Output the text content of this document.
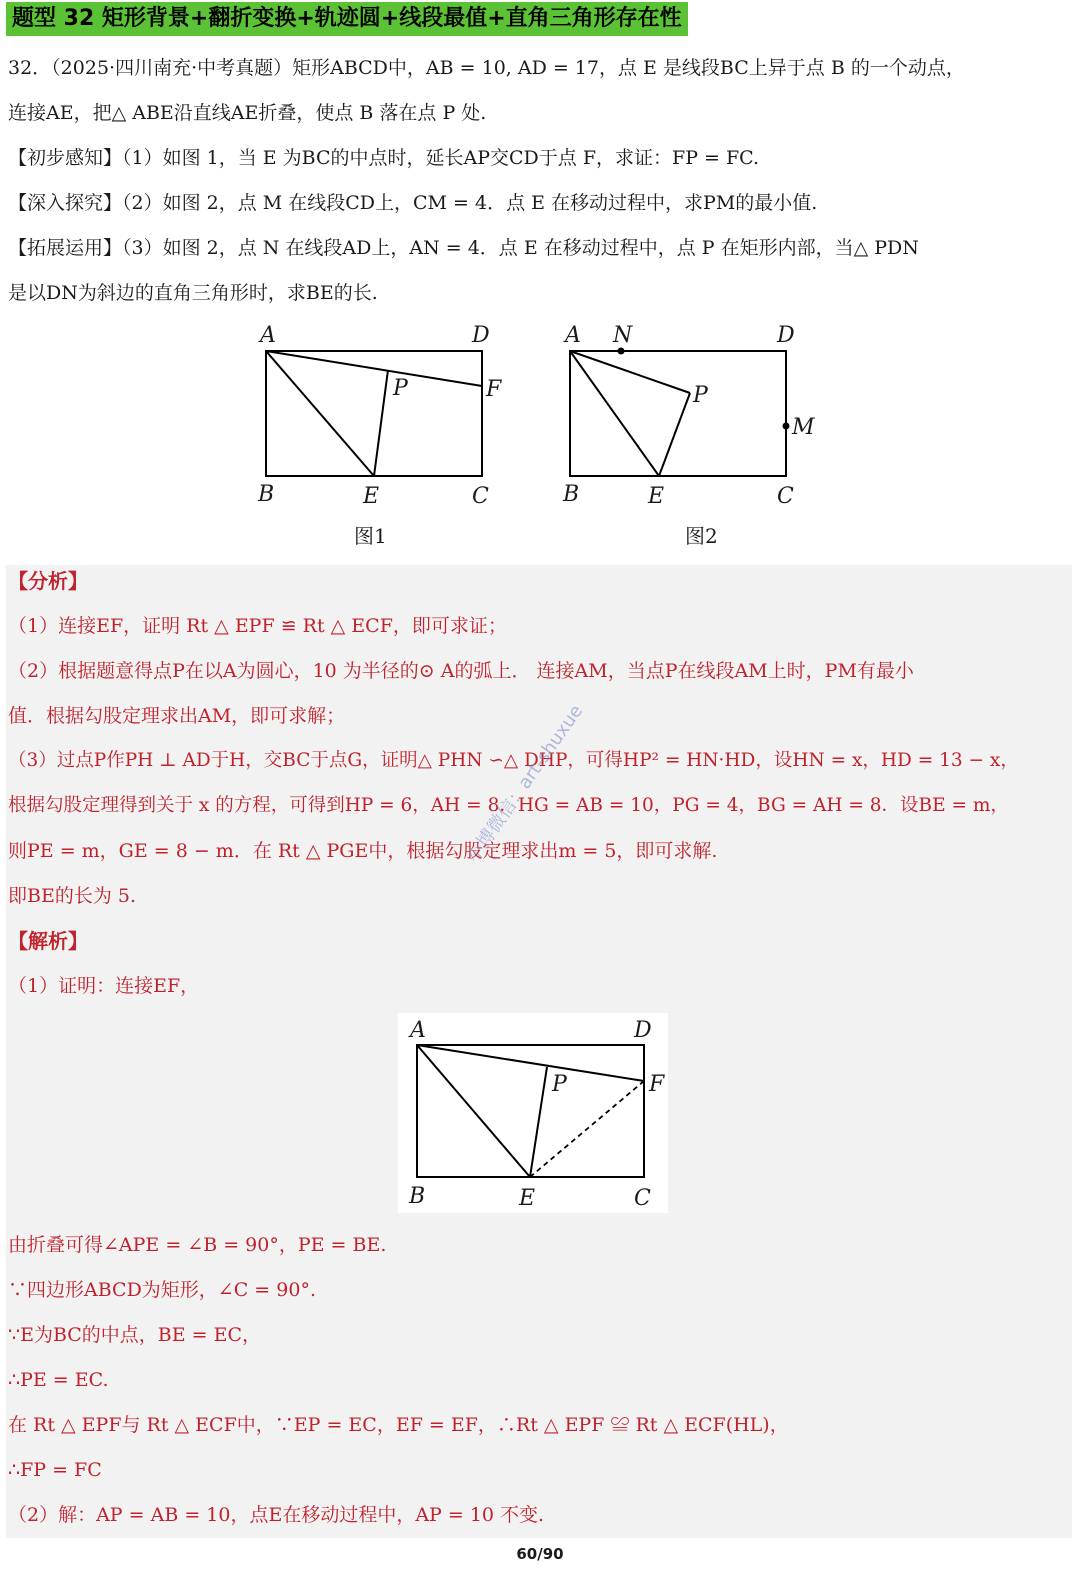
题型 32 矩形背景+翻折变换+轨迹圆+线段最值+直角三角形存在性
32．（2025·四川南充·中考真题）矩形ABCD中，AB = 10, AD = 17，点 E 是线段BC上异于点 B 的一个动点，
连接AE，把△ ABE沿直线AE折叠，使点 B 落在点 P 处.
【初步感知】（1）如图 1，当 E 为BC的中点时，延长AP交CD于点 F，求证：FP = FC.
【深入探究】（2）如图 2，点 M 在线段CD上，CM = 4．点 E 在移动过程中，求PM的最小值.
【拓展运用】（3）如图 2，点 N 在线段AD上，AN = 4．点 E 在移动过程中，点 P 在矩形内部，当△ PDN
是以DN为斜边的直角三角形时，求BE的长.
A	D
F
P
B	E	C
图1
A N	D
P
M
B	E	C
图2
【分析】
（1）连接EF，证明 Rt △ EPF ≌ Rt △ ECF，即可求证；
（2）根据题意得点P在以A为圆心，10 为半径的⊙ A的弧上． 连接AM，当点P在线段AM上时，PM有最小
值．根据勾股定理求出AM，即可求解；
（3）过点P作PH ⊥ AD于H，交BC于点G，证明△ PHN ∽△ DHP，可得HP² = HN·HD，设HN = x，HD = 13 − x，
根据勾股定理得到关于 x 的方程，可得到HP = 6，AH = 8．HG = AB = 10，PG = 4，BG = AH = 8．设BE = m，
则PE = m，GE = 8 − m．在 Rt △ PGE中，根据勾股定理求出m = 5，即可求解.
即BE的长为 5.
【解析】
（1）证明：连接EF，
A	D
F
P
B	E	C
由折叠可得∠APE = ∠B = 90°，PE = BE.
∵四边形ABCD为矩形，∠C = 90°.
∵E为BC的中点，BE = EC，
∴PE = EC.
在 Rt △ EPF与 Rt △ ECF中，∵EP = EC，EF = EF，∴Rt △ EPF ≌ Rt △ ECF(HL)，
∴FP = FC
（2）解：AP = AB = 10，点E在移动过程中，AP = 10 不变.
小博微信：art-shuxue
60/90
